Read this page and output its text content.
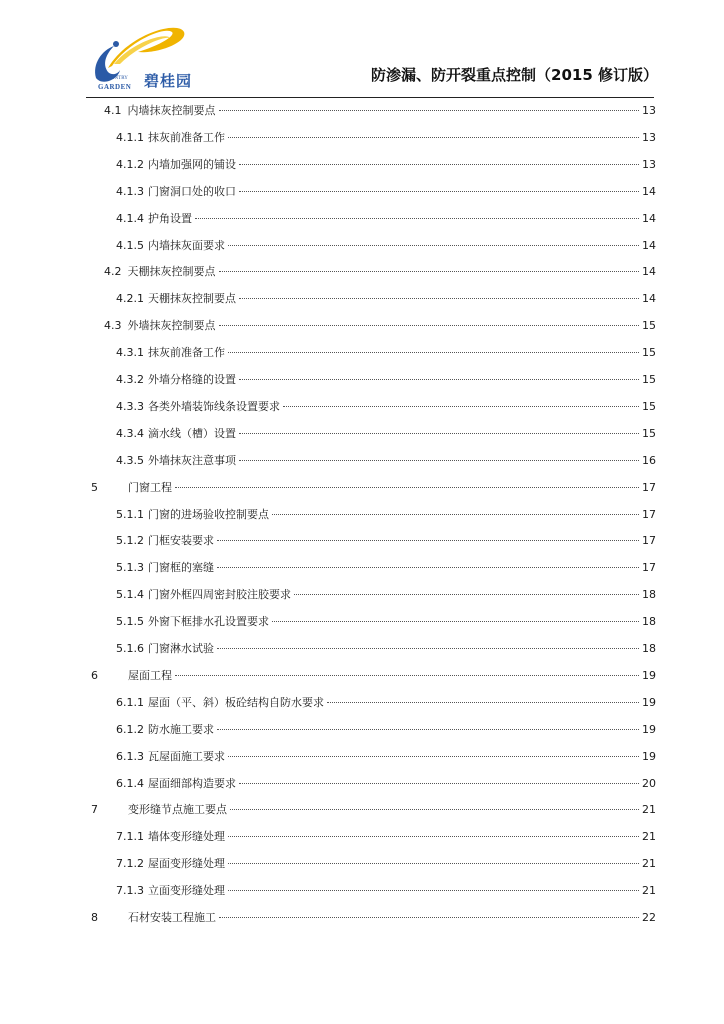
COUNTRY
GARDEN 碧桂园	防渗漏、防开裂重点控制（2015 修订版）
4.1 内墙抹灰控制要点	13
4.1.1 抹灰前准备工作	13
4.1.2 内墙加强网的铺设	13
4.1.3 门窗洞口处的收口	14
4.1.4 护角设置	14
4.1.5 内墙抹灰面要求	14
4.2 天棚抹灰控制要点	14
4.2.1 天棚抹灰控制要点	14
4.3 外墙抹灰控制要点	15
4.3.1 抹灰前准备工作	15
4.3.2 外墙分格缝的设置	15
4.3.3 各类外墙装饰线条设置要求	15
4.3.4 滴水线（槽）设置	15
4.3.5 外墙抹灰注意事项	16
5	门窗工程	17
5.1.1 门窗的进场验收控制要点	17
5.1.2 门框安装要求	17
5.1.3 门窗框的塞缝	17
5.1.4 门窗外框四周密封胶注胶要求	18
5.1.5 外窗下框排水孔设置要求	18
5.1.6 门窗淋水试验	18
6	屋面工程	19
6.1.1 屋面（平、斜）板砼结构自防水要求	19
6.1.2 防水施工要求	19
6.1.3 瓦屋面施工要求	19
6.1.4 屋面细部构造要求	20
7	变形缝节点施工要点	21
7.1.1 墙体变形缝处理	21
7.1.2 屋面变形缝处理	21
7.1.3 立面变形缝处理	21
8	石材安装工程施工	22
